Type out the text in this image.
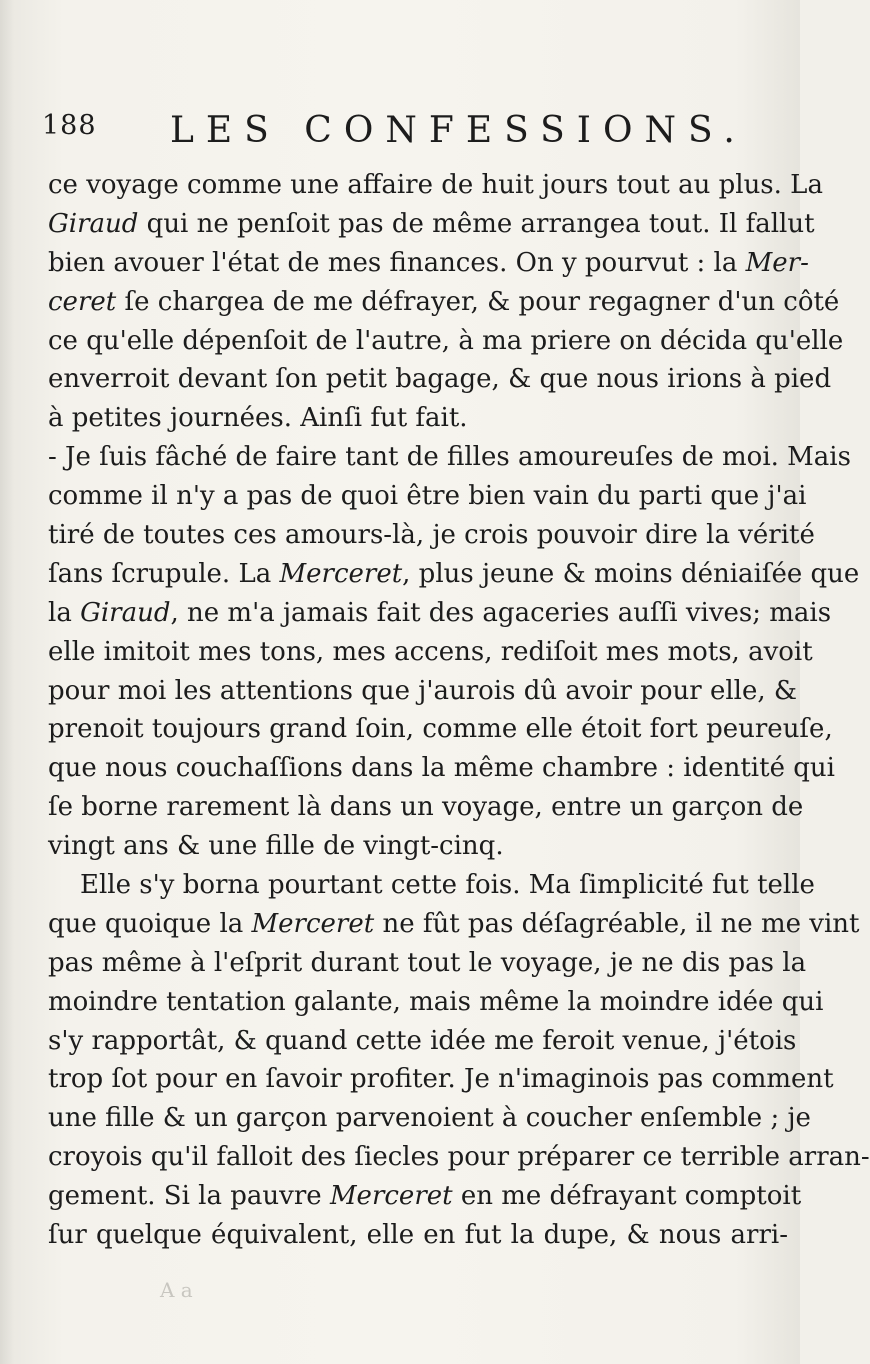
188 LES CONFESSIONS.
ce voyage comme une affaire de huit jours tout au plus. La
Giraud qui ne penſoit pas de même arrangea tout. Il fallut
bien avouer l'état de mes finances. On y pourvut : la Mer-
ceret ſe chargea de me défrayer, & pour regagner d'un côté
ce qu'elle dépenſoit de l'autre, à ma priere on décida qu'elle
enverroit devant ſon petit bagage, & que nous irions à pied
à petites journées. Ainſi fut fait.
- Je ſuis fâché de faire tant de filles amoureuſes de moi. Mais
comme il n'y a pas de quoi être bien vain du parti que j'ai
tiré de toutes ces amours-là, je crois pouvoir dire la vérité
ſans ſcrupule. La Merceret, plus jeune & moins déniaiſée que
la Giraud, ne m'a jamais fait des agaceries auſſi vives; mais
elle imitoit mes tons, mes accens, rediſoit mes mots, avoit
pour moi les attentions que j'aurois dû avoir pour elle, &
prenoit toujours grand ſoin, comme elle étoit fort peureuſe,
que nous couchaſſions dans la même chambre : identité qui
ſe borne rarement là dans un voyage, entre un garçon de
vingt ans & une fille de vingt-cinq.
Elle s'y borna pourtant cette fois. Ma ſimplicité fut telle
que quoique la Merceret ne fût pas déſagréable, il ne me vint
pas même à l'eſprit durant tout le voyage, je ne dis pas la
moindre tentation galante, mais même la moindre idée qui
s'y rapportât, & quand cette idée me feroit venue, j'étois
trop ſot pour en ſavoir profiter. Je n'imaginois pas comment
une fille & un garçon parvenoient à coucher enſemble ; je
croyois qu'il falloit des ſiecles pour préparer ce terrible arran-
gement. Si la pauvre Merceret en me défrayant comptoit
ſur quelque équivalent, elle en fut la dupe, & nous arri-
A a
